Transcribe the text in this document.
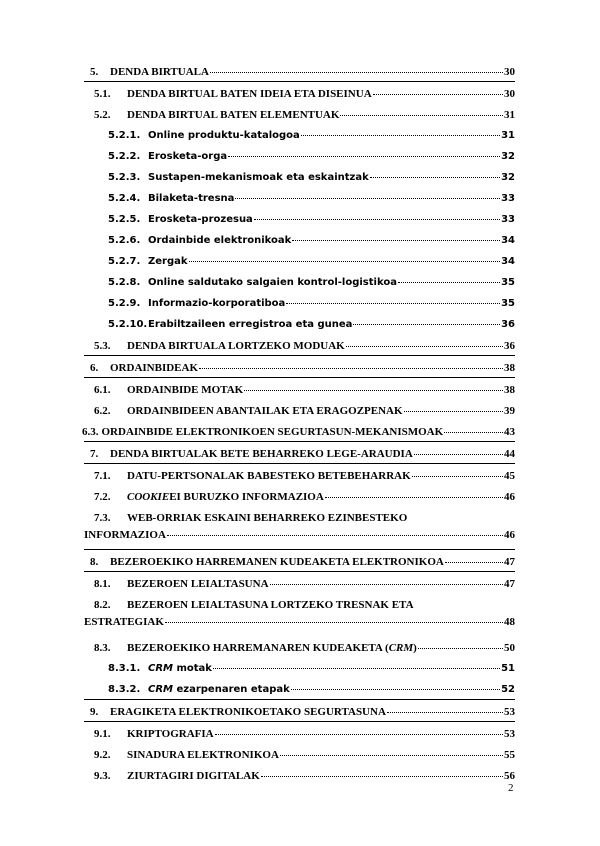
5.	DENDA BIRTUALA	30
5.1.	DENDA BIRTUAL BATEN IDEIA ETA DISEINUA	30
5.2.	DENDA BIRTUAL BATEN ELEMENTUAK	31
5.2.1. Online produktu-katalogoa	31
5.2.2. Erosketa-orga	32
5.2.3. Sustapen-mekanismoak eta eskaintzak	32
5.2.4. Bilaketa-tresna	33
5.2.5. Erosketa-prozesua	33
5.2.6. Ordainbide elektronikoak	34
5.2.7. Zergak	34
5.2.8. Online saldutako salgaien kontrol-logistikoa	35
5.2.9. Informazio-korporatiboa	35
5.2.10. Erabiltzaileen erregistroa eta gunea	36
5.3.	DENDA BIRTUALA LORTZEKO MODUAK	36
6.	ORDAINBIDEAK	38
6.1.	ORDAINBIDE MOTAK	38
6.2.	ORDAINBIDEEN ABANTAILAK ETA ERAGOZPENAK	39
6.3. ORDAINBIDE ELEKTRONIKOEN SEGURTASUN-MEKANISMOAK	43
7.	DENDA BIRTUALAK BETE BEHARREKO LEGE-ARAUDIA	44
7.1.	DATU-PERTSONALAK BABESTEKO BETEBEHARRAK	45
7.2.	COOKIEEI BURUZKO INFORMAZIOA	46
7.3.	WEB-ORRIAK ESKAINI BEHARREKO EZINBESTEKO
INFORMAZIOA	46
8.	BEZEROEKIKO HARREMANEN KUDEAKETA ELEKTRONIKOA	47
8.1.	BEZEROEN LEIALTASUNA	47
8.2.	BEZEROEN LEIALTASUNA LORTZEKO TRESNAK ETA
ESTRATEGIAK	48
8.3.	BEZEROEKIKO HARREMANAREN KUDEAKETA (CRM)	50
8.3.1. CRM motak	51
8.3.2. CRM ezarpenaren etapak	52
9.	ERAGIKETA ELEKTRONIKOETAKO SEGURTASUNA	53
9.1.	KRIPTOGRAFIA	53
9.2.	SINADURA ELEKTRONIKOA	55
9.3.	ZIURTAGIRI DIGITALAK	56
2
